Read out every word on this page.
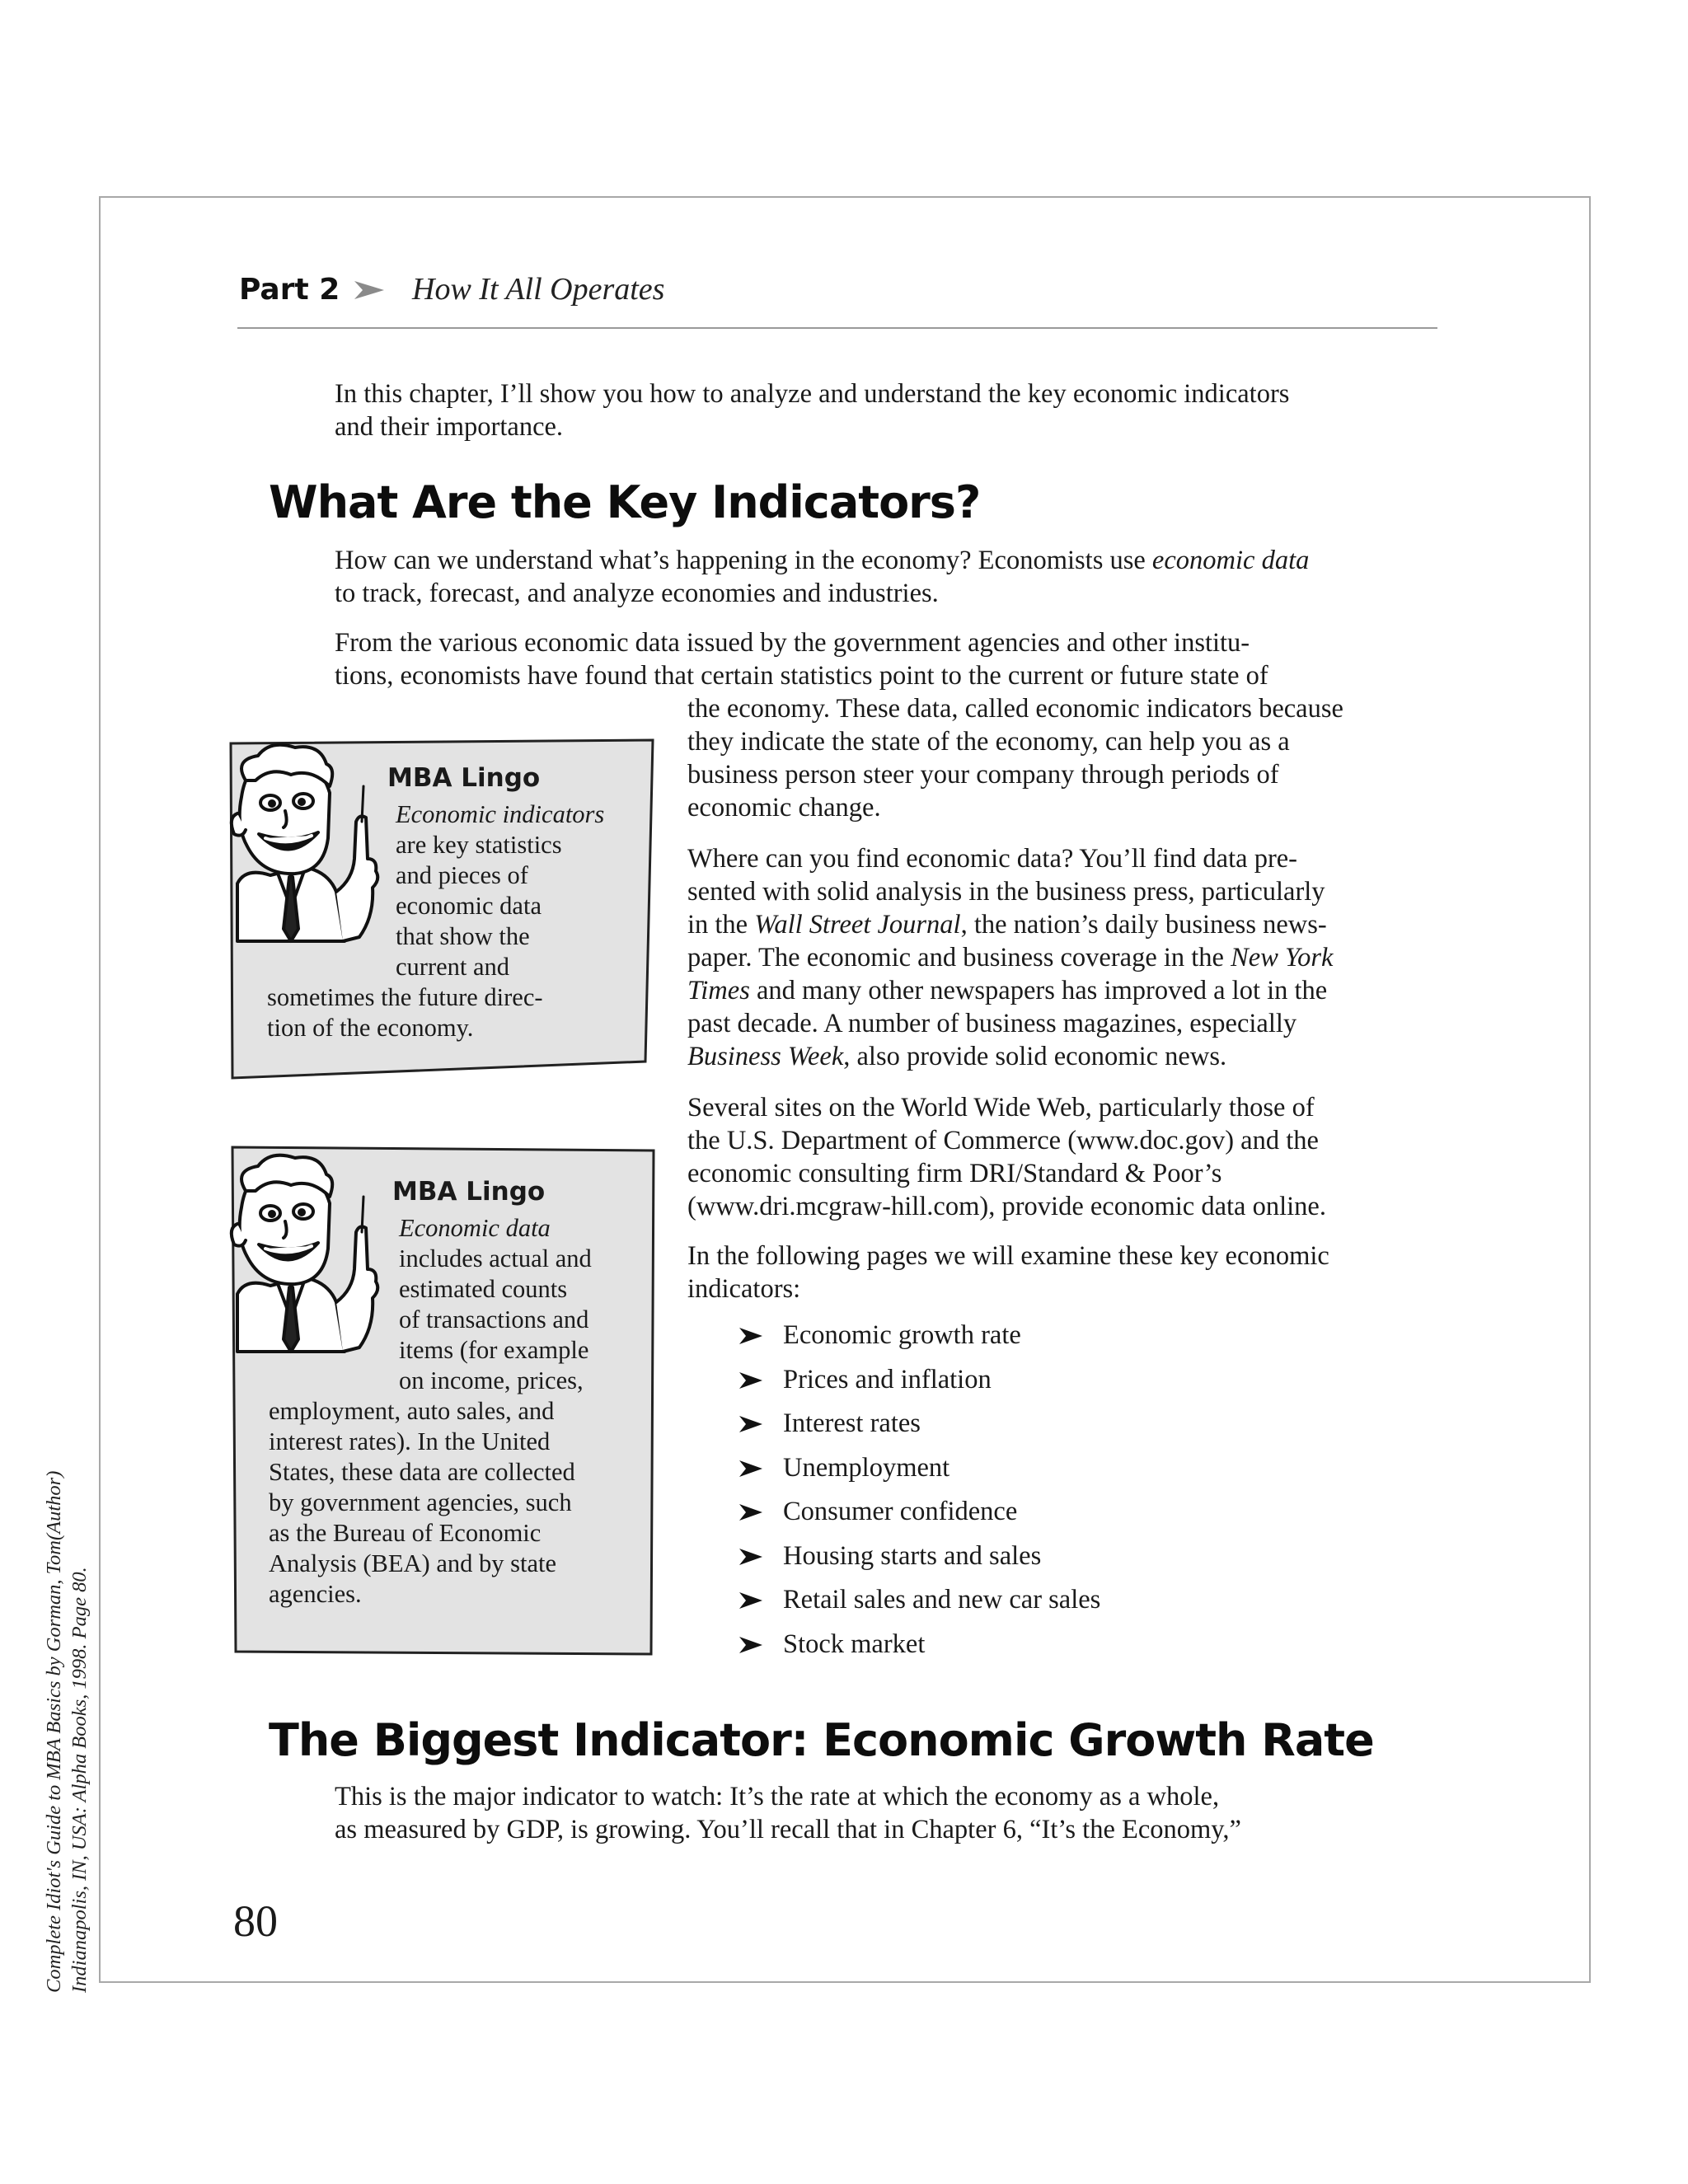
Part 2 How It All Operates

In this chapter, I’ll show you how to analyze and understand the key economic indicators
and their importance.

What Are the Key Indicators?

How can we understand what’s happening in the economy? Economists use economic data
to track, forecast, and analyze economies and industries.

From the various economic data issued by the government agencies and other institu-
tions, economists have found that certain statistics point to the current or future state of

the economy. These data, called economic indicators because
they indicate the state of the economy, can help you as a
business person steer your company through periods of
economic change.

Where can you find economic data? You’ll find data pre-
sented with solid analysis in the business press, particularly
in the Wall Street Journal, the nation’s daily business news-
paper. The economic and business coverage in the New York
Times and many other newspapers has improved a lot in the
past decade. A number of business magazines, especially
Business Week, also provide solid economic news.

Several sites on the World Wide Web, particularly those of
the U.S. Department of Commerce (www.doc.gov) and the
economic consulting firm DRI/Standard & Poor’s
(www.dri.mcgraw-hill.com), provide economic data online.

In the following pages we will examine these key economic
indicators:

Economic growth rate
Prices and inflation
Interest rates
Unemployment
Consumer confidence
Housing starts and sales
Retail sales and new car sales
Stock market
MBA Lingo
Economic indicators
are key statistics
and pieces of
economic data
that show the
current and
sometimes the future direc-
tion of the economy.
MBA Lingo
Economic data
includes actual and
estimated counts
of transactions and
items (for example
on income, prices,
employment, auto sales, and
interest rates). In the United
States, these data are collected
by government agencies, such
as the Bureau of Economic
Analysis (BEA) and by state
agencies.
The Biggest Indicator: Economic Growth Rate

This is the major indicator to watch: It’s the rate at which the economy as a whole,
as measured by GDP, is growing. You’ll recall that in Chapter 6, “It’s the Economy,”

80
Complete Idiot's Guide to MBA Basics by Gorman, Tom(Author) Indianapolis, IN, USA: Alpha Books, 1998. Page 80.
